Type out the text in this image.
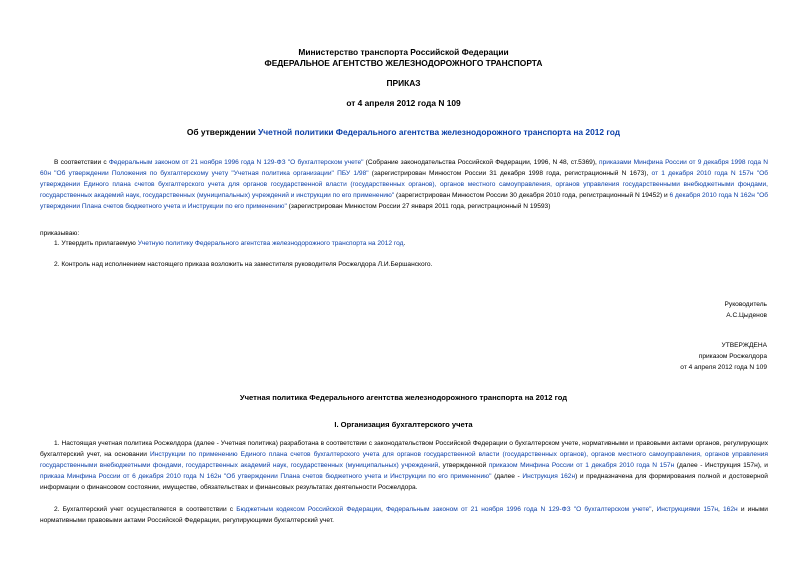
Министерство транспорта Российской Федерации
ФЕДЕРАЛЬНОЕ АГЕНТСТВО ЖЕЛЕЗНОДОРОЖНОГО ТРАНСПОРТА
ПРИКАЗ
от 4 апреля 2012 года N 109
Об утверждении Учетной политики Федерального агентства железнодорожного транспорта на 2012 год

В соответствии с Федеральным законом от 21 ноября 1996 года N 129-ФЗ "О бухгалтерском учете" (Собрание законодательства Российской Федерации, 1996, N 48, ст.5369), приказами Минфина России от 9 декабря 1998 года N 60н "Об утверждении Положения по бухгалтерскому учету "Учетная политика организации" ПБУ 1/98" (зарегистрирован Минюстом России 31 декабря 1998 года, регистрационный N 1673), от 1 декабря 2010 года N 157н "Об утверждении Единого плана счетов бухгалтерского учета для органов государственной власти (государственных органов), органов местного самоуправления, органов управления государственными внебюджетными фондами, государственных академий наук, государственных (муниципальных) учреждений и инструкции по его применению" (зарегистрирован Минюстом России 30 декабря 2010 года, регистрационный N 19452) и 6 декабря 2010 года N 162н "Об утверждении Плана счетов бюджетного учета и Инструкции по его применению" (зарегистрирован Минюстом России 27 января 2011 года, регистрационный N 19593)

приказываю:
1. Утвердить прилагаемую Учетную политику Федерального агентства железнодорожного транспорта на 2012 год.
2. Контроль над исполнением настоящего приказа возложить на заместителя руководителя Росжелдора Л.И.Бершанского.
Руководитель
А.С.Цыденов
УТВЕРЖДЕНА
приказом Росжелдора
от 4 апреля 2012 года N 109
Учетная политика Федерального агентства железнодорожного транспорта на 2012 год
I. Организация бухгалтерского учета

1. Настоящая учетная политика Росжелдора (далее - Учетная политика) разработана в соответствии с законодательством Российской Федерации о бухгалтерском учете, нормативными и правовыми актами органов, регулирующих бухгалтерский учет, на основании Инструкции по применению Единого плана счетов бухгалтерского учета для органов государственной власти (государственных органов), органов местного самоуправления, органов управления государственными внебюджетными фондами, государственных академий наук, государственных (муниципальных) учреждений, утвержденной приказом Минфина России от 1 декабря 2010 года N 157н (далее - Инструкция 157н), и приказа Минфина России от 6 декабря 2010 года N 162н "Об утверждении Плана счетов бюджетного учета и Инструкции по его применению" (далее - Инструкция 162н) и предназначена для формирования полной и достоверной информации о финансовом состоянии, имуществе, обязательствах и финансовых результатах деятельности Росжелдора.

2. Бухгалтерский учет осуществляется в соответствии с Бюджетным кодексом Российской Федерации, Федеральным законом от 21 ноября 1996 года N 129-ФЗ "О бухгалтерском учете", Инструкциями 157н, 162н и иными нормативными правовыми актами Российской Федерации, регулирующими бухгалтерский учет.
